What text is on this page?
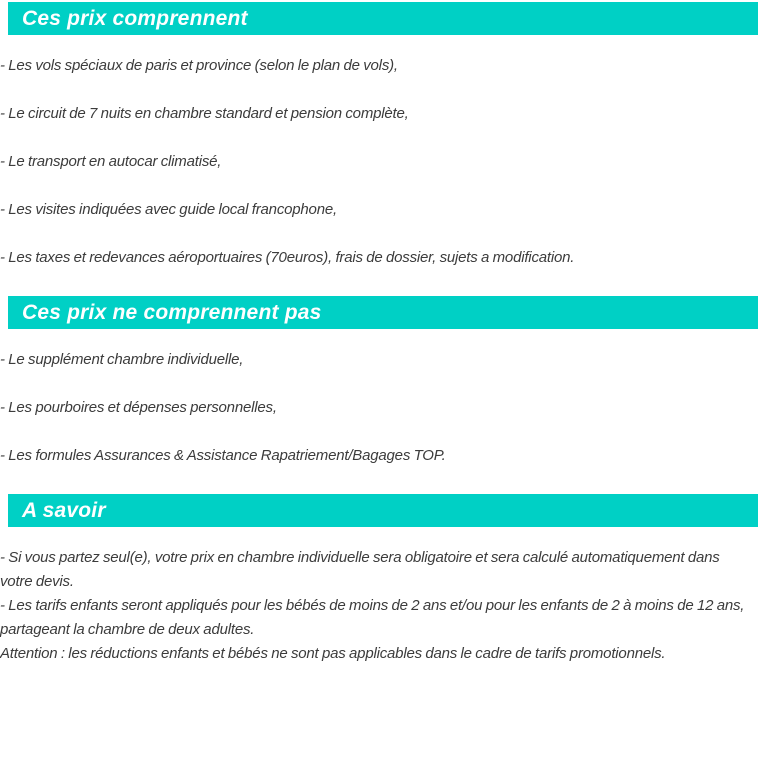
Ces prix comprennent

- Les vols spéciaux de paris et province (selon le plan de vols),

- Le circuit de 7 nuits en chambre standard et pension complète,

- Le transport en autocar climatisé,

- Les visites indiquées avec guide local francophone,

- Les taxes et redevances aéroportuaires (70euros), frais de dossier, sujets a modification.

Ces prix ne comprennent pas

- Le supplément chambre individuelle,

- Les pourboires et dépenses personnelles,

- Les formules Assurances & Assistance Rapatriement/Bagages TOP.

A savoir

- Si vous partez seul(e), votre prix en chambre individuelle sera obligatoire et sera calculé automatiquement dans votre devis.

- Les tarifs enfants seront appliqués pour les bébés de moins de 2 ans et/ou pour les enfants de 2 à moins de 12 ans, partageant la chambre de deux adultes.

Attention : les réductions enfants et bébés ne sont pas applicables dans le cadre de tarifs promotionnels.
